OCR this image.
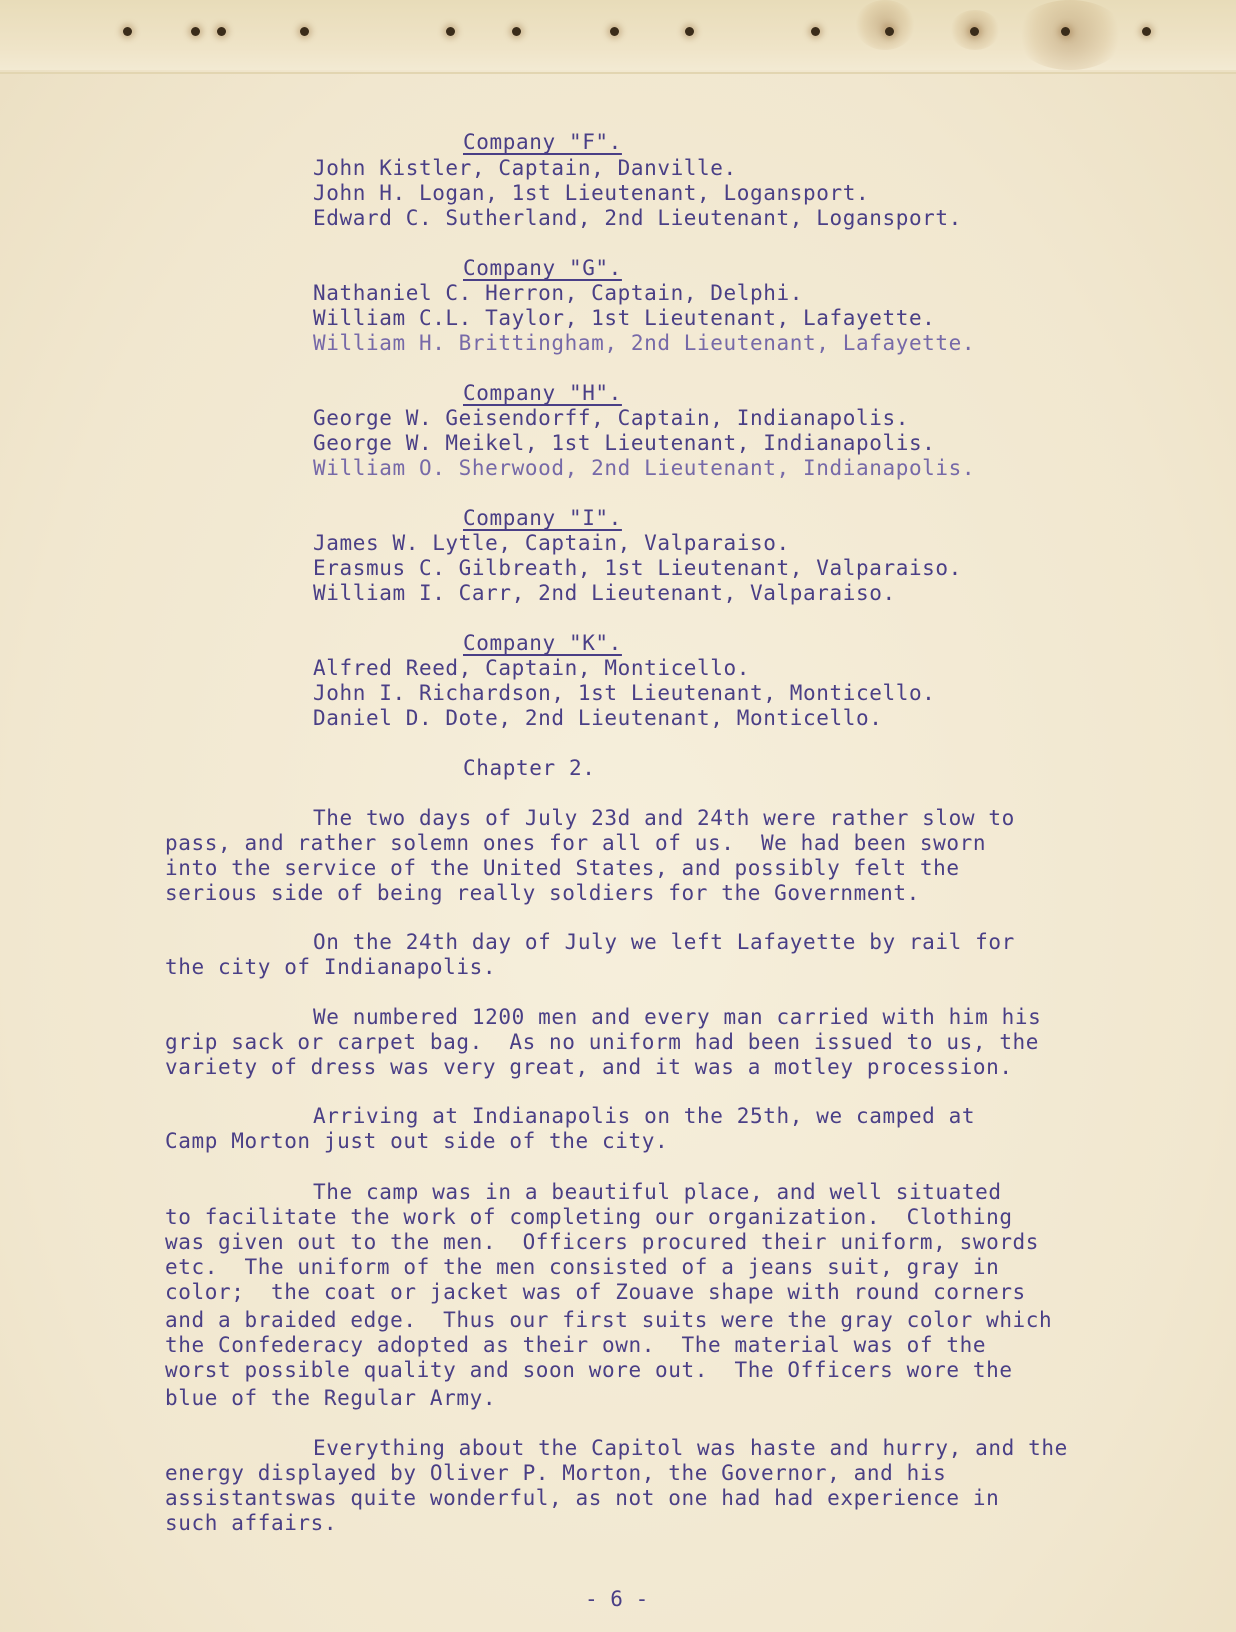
Company "F".
John Kistler, Captain, Danville.
John H. Logan, 1st Lieutenant, Logansport.
Edward C. Sutherland, 2nd Lieutenant, Logansport.
Company "G".
Nathaniel C. Herron, Captain, Delphi.
William C.L. Taylor, 1st Lieutenant, Lafayette.
William H. Brittingham, 2nd Lieutenant, Lafayette.
Company "H".
George W. Geisendorff, Captain, Indianapolis.
George W. Meikel, 1st Lieutenant, Indianapolis.
William O. Sherwood, 2nd Lieutenant, Indianapolis.
Company "I".
James W. Lytle, Captain, Valparaiso.
Erasmus C. Gilbreath, 1st Lieutenant, Valparaiso.
William I. Carr, 2nd Lieutenant, Valparaiso.
Company "K".
Alfred Reed, Captain, Monticello.
John I. Richardson, 1st Lieutenant, Monticello.
Daniel D. Dote, 2nd Lieutenant, Monticello.
Chapter 2.
The two days of July 23d and 24th were rather slow to
pass, and rather solemn ones for all of us.  We had been sworn
into the service of the United States, and possibly felt the
serious side of being really soldiers for the Government.
On the 24th day of July we left Lafayette by rail for
the city of Indianapolis.
We numbered 1200 men and every man carried with him his
grip sack or carpet bag.  As no uniform had been issued to us, the
variety of dress was very great, and it was a motley procession.
Arriving at Indianapolis on the 25th, we camped at
Camp Morton just out side of the city.
The camp was in a beautiful place, and well situated
to facilitate the work of completing our organization.  Clothing
was given out to the men.  Officers procured their uniform, swords
etc.  The uniform of the men consisted of a jeans suit, gray in
color;  the coat or jacket was of Zouave shape with round corners
and a braided edge.  Thus our first suits were the gray color which
the Confederacy adopted as their own.  The material was of the
worst possible quality and soon wore out.  The Officers wore the
blue of the Regular Army.
Everything about the Capitol was haste and hurry, and the
energy displayed by Oliver P. Morton, the Governor, and his
assistantswas quite wonderful, as not one had had experience in
such affairs.
- 6 -
